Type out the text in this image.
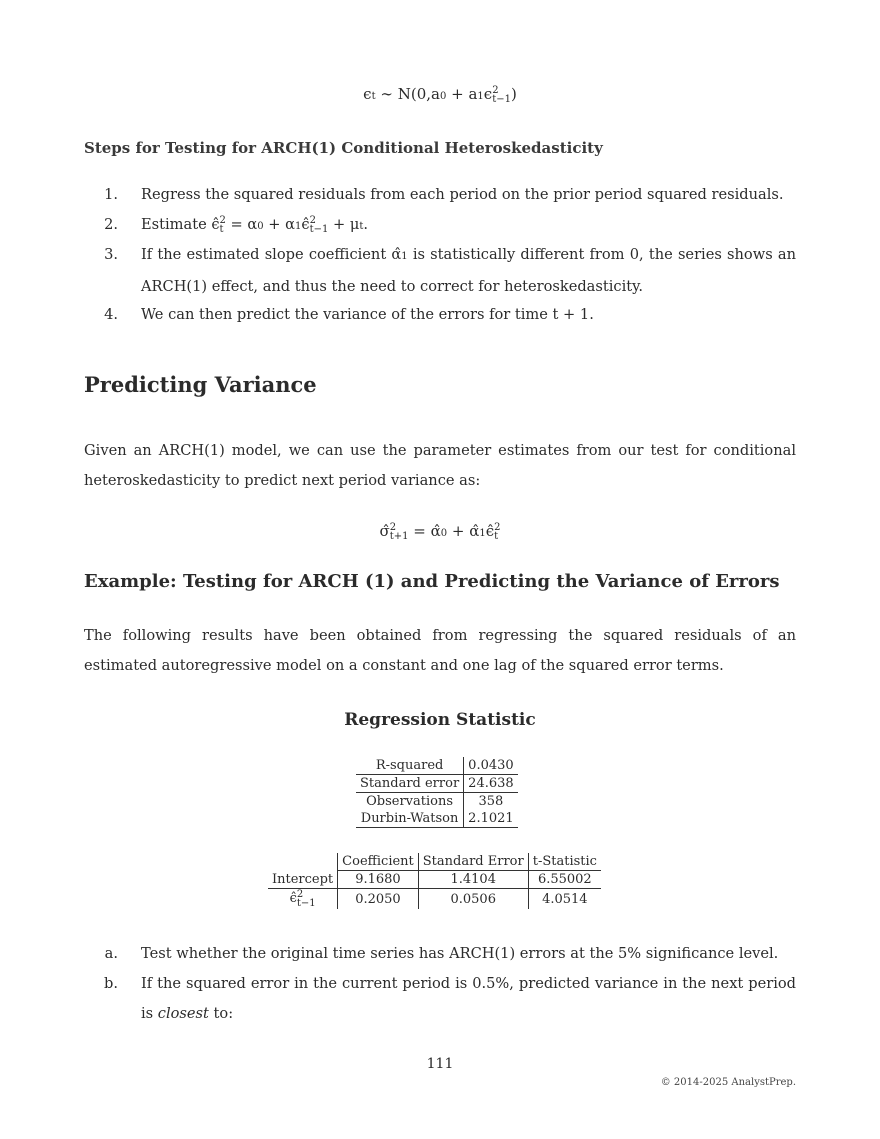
ϵt ∼ N(0,a0 + a1ϵ2
t−1)
Steps for Testing for ARCH(1) Conditional Heteroskedasticity
1. Regress the squared residuals from each period on the prior period squared residuals.
2. Estimate ϵ̂2
t = α0 + α1ϵ̂2
t−1 + μt.
3. If the estimated slope coefficient α̂1 is statistically different from 0, the series shows an ARCH(1) effect, and thus the need to correct for heteroskedasticity.
4. We can then predict the variance of the errors for time t + 1.
Predicting Variance
Given an ARCH(1) model, we can use the parameter estimates from our test for conditional heteroskedasticity to predict next period variance as:
σ̂2
t+1 = α̂0 + α̂1ϵ̂2
t
Example: Testing for ARCH (1) and Predicting the Variance of Errors
The following results have been obtained from regressing the squared residuals of an estimated autoregressive model on a constant and one lag of the squared error terms.
Regression Statistic
R-squared	0.0430
Standard error	24.638
Observations	358
Durbin-Watson	2.1021
	Coefficient	Standard Error	t-Statistic
Intercept	9.1680	1.4104	6.55002
ϵ̂2
t−1	0.2050	0.0506	4.0514
a. Test whether the original time series has ARCH(1) errors at the 5% significance level.
b. If the squared error in the current period is 0.5%, predicted variance in the next period is closest to:
111
© 2014-2025 AnalystPrep.
